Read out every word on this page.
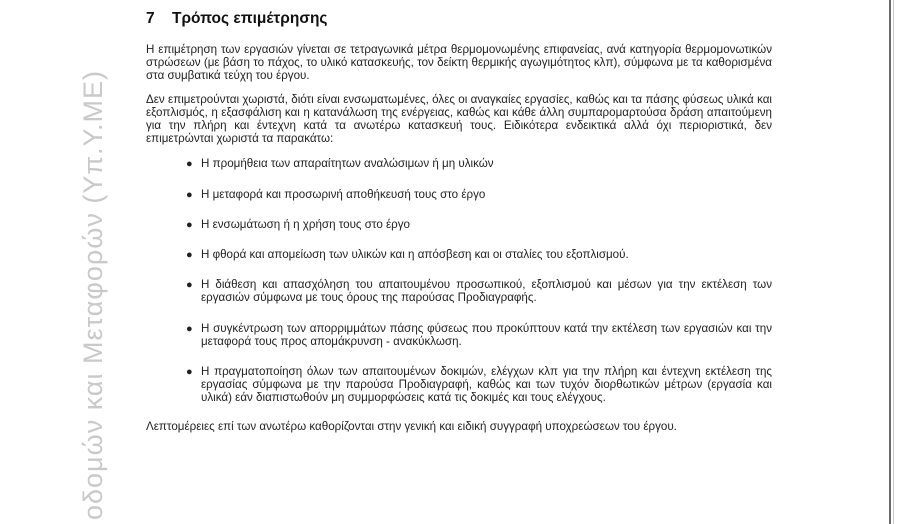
οδομών και Μεταφορών (Υπ.Υ.ΜΕ)
7	Τρόπος επιμέτρησης

Η επιμέτρηση των εργασιών γίνεται σε τετραγωνικά μέτρα θερμομονωμένης επιφανείας, ανά κατηγορία θερμομονωτικών στρώσεων (με βάση το πάχος, το υλικό κατασκευής, τον δείκτη θερμικής αγωγιμότητος κλπ), σύμφωνα με τα καθορισμένα στα συμβατικά τεύχη του έργου.

Δεν επιμετρούνται χωριστά, διότι είναι ενσωματωμένες, όλες οι αναγκαίες εργασίες, καθώς και τα πάσης φύσεως υλικά και εξοπλισμός, η εξασφάλιση και η κατανάλωση της ενέργειας, καθώς και κάθε άλλη συμπαρομαρτούσα δράση απαιτούμενη για την πλήρη και έντεχνη κατά τα ανωτέρω κατασκευή τους. Ειδικότερα ενδεικτικά αλλά όχι περιοριστικά, δεν επιμετρώνται χωριστά τα παρακάτω:

● Η προμήθεια των απαραίτητων αναλώσιμων ή μη υλικών
● Η μεταφορά και προσωρινή αποθήκευσή τους στο έργο
● Η ενσωμάτωση ή η χρήση τους στο έργο
● Η φθορά και απομείωση των υλικών και η απόσβεση και οι σταλίες του εξοπλισμού.
● Η διάθεση και απασχόληση του απαιτουμένου προσωπικού, εξοπλισμού και μέσων για την εκτέλεση των εργασιών σύμφωνα με τους όρους της παρούσας Προδιαγραφής.
● Η συγκέντρωση των απορριμμάτων πάσης φύσεως που προκύπτουν κατά την εκτέλεση των εργασιών και την μεταφορά τους προς απομάκρυνση - ανακύκλωση.
● Η πραγματοποίηση όλων των απαιτουμένων δοκιμών, ελέγχων κλπ για την πλήρη και έντεχνη εκτέλεση της εργασίας σύμφωνα με την παρούσα Προδιαγραφή, καθώς και των τυχόν διορθωτικών μέτρων (εργασία και υλικά) εάν διαπιστωθούν μη συμμορφώσεις κατά τις δοκιμές και τους ελέγχους.

Λεπτομέρειες επί των ανωτέρω καθορίζονται στην γενική και ειδική συγγραφή υποχρεώσεων του έργου.
